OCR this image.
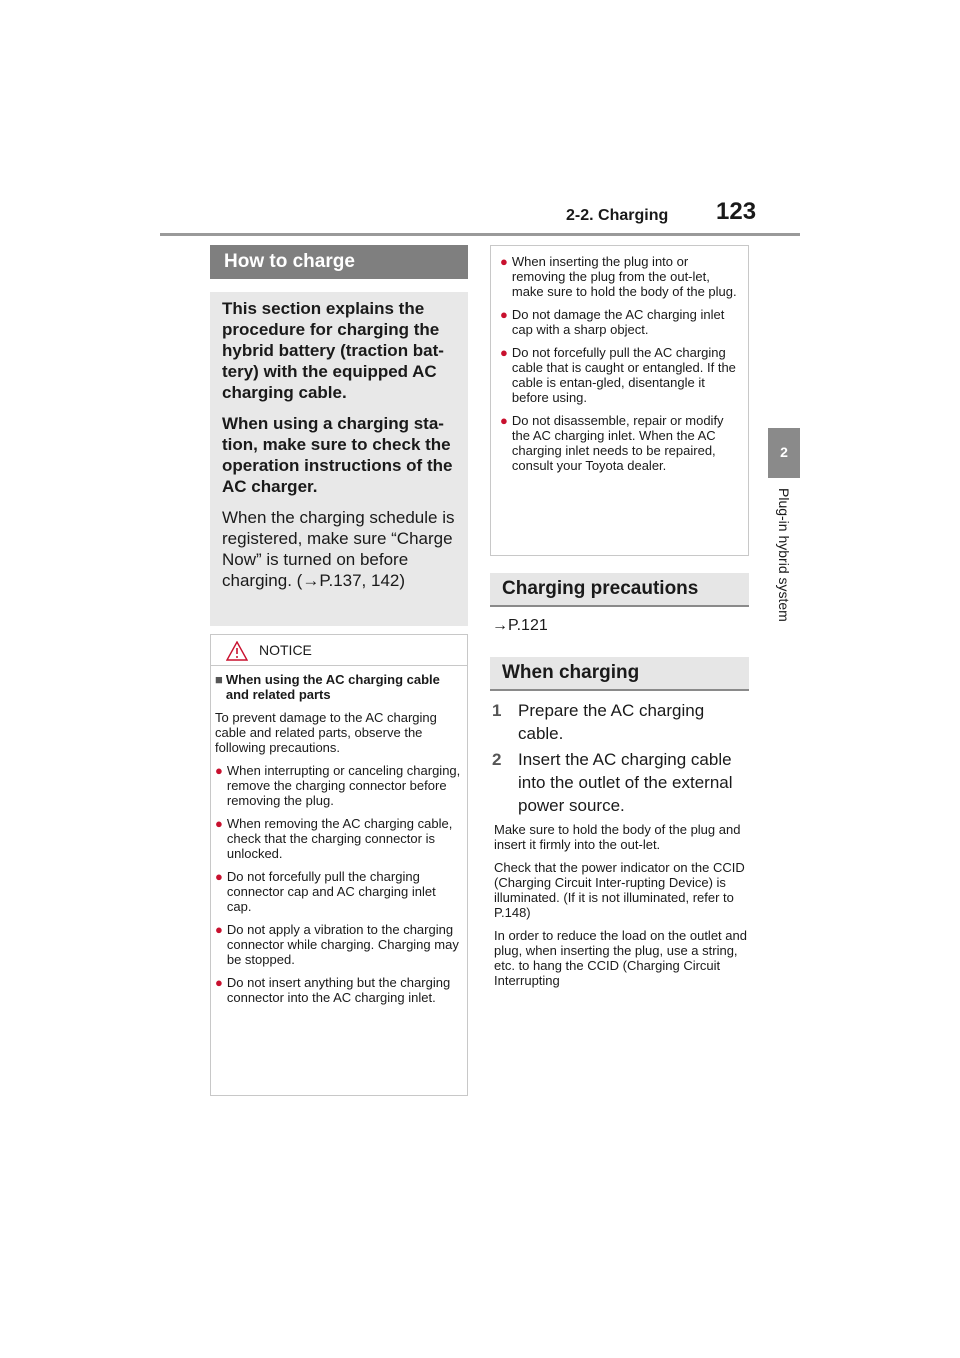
2-2. Charging 123
2
Plug-in hybrid system
How to charge

This section explains the procedure for charging the hybrid battery (traction bat-tery) with the equipped AC charging cable.

When using a charging sta-tion, make sure to check the operation instructions of the AC charger.

When the charging schedule is registered, make sure “Charge Now” is turned on before charging. (→P.137, 142)

NOTICE
■ When using the AC charging cable and related parts
To prevent damage to the AC charging cable and related parts, observe the following precautions.
● When interrupting or canceling charging, remove the charging connector before removing the plug.
● When removing the AC charging cable, check that the charging connector is unlocked.
● Do not forcefully pull the charging connector cap and AC charging inlet cap.
● Do not apply a vibration to the charging connector while charging. Charging may be stopped.
● Do not insert anything but the charging connector into the AC charging inlet.
● When inserting the plug into or removing the plug from the out-let, make sure to hold the body of the plug.
● Do not damage the AC charging inlet cap with a sharp object.
● Do not forcefully pull the AC charging cable that is caught or entangled. If the cable is entan-gled, disentangle it before using.
● Do not disassemble, repair or modify the AC charging inlet. When the AC charging inlet needs to be repaired, consult your Toyota dealer.
Charging precautions
→P.121
When charging
1 Prepare the AC charging cable.
2 Insert the AC charging cable into the outlet of the external power source.

Make sure to hold the body of the plug and insert it firmly into the out-let.

Check that the power indicator on the CCID (Charging Circuit Inter-rupting Device) is illuminated. (If it is not illuminated, refer to P.148)

In order to reduce the load on the outlet and plug, when inserting the plug, use a string, etc. to hang the CCID (Charging Circuit Interrupting
